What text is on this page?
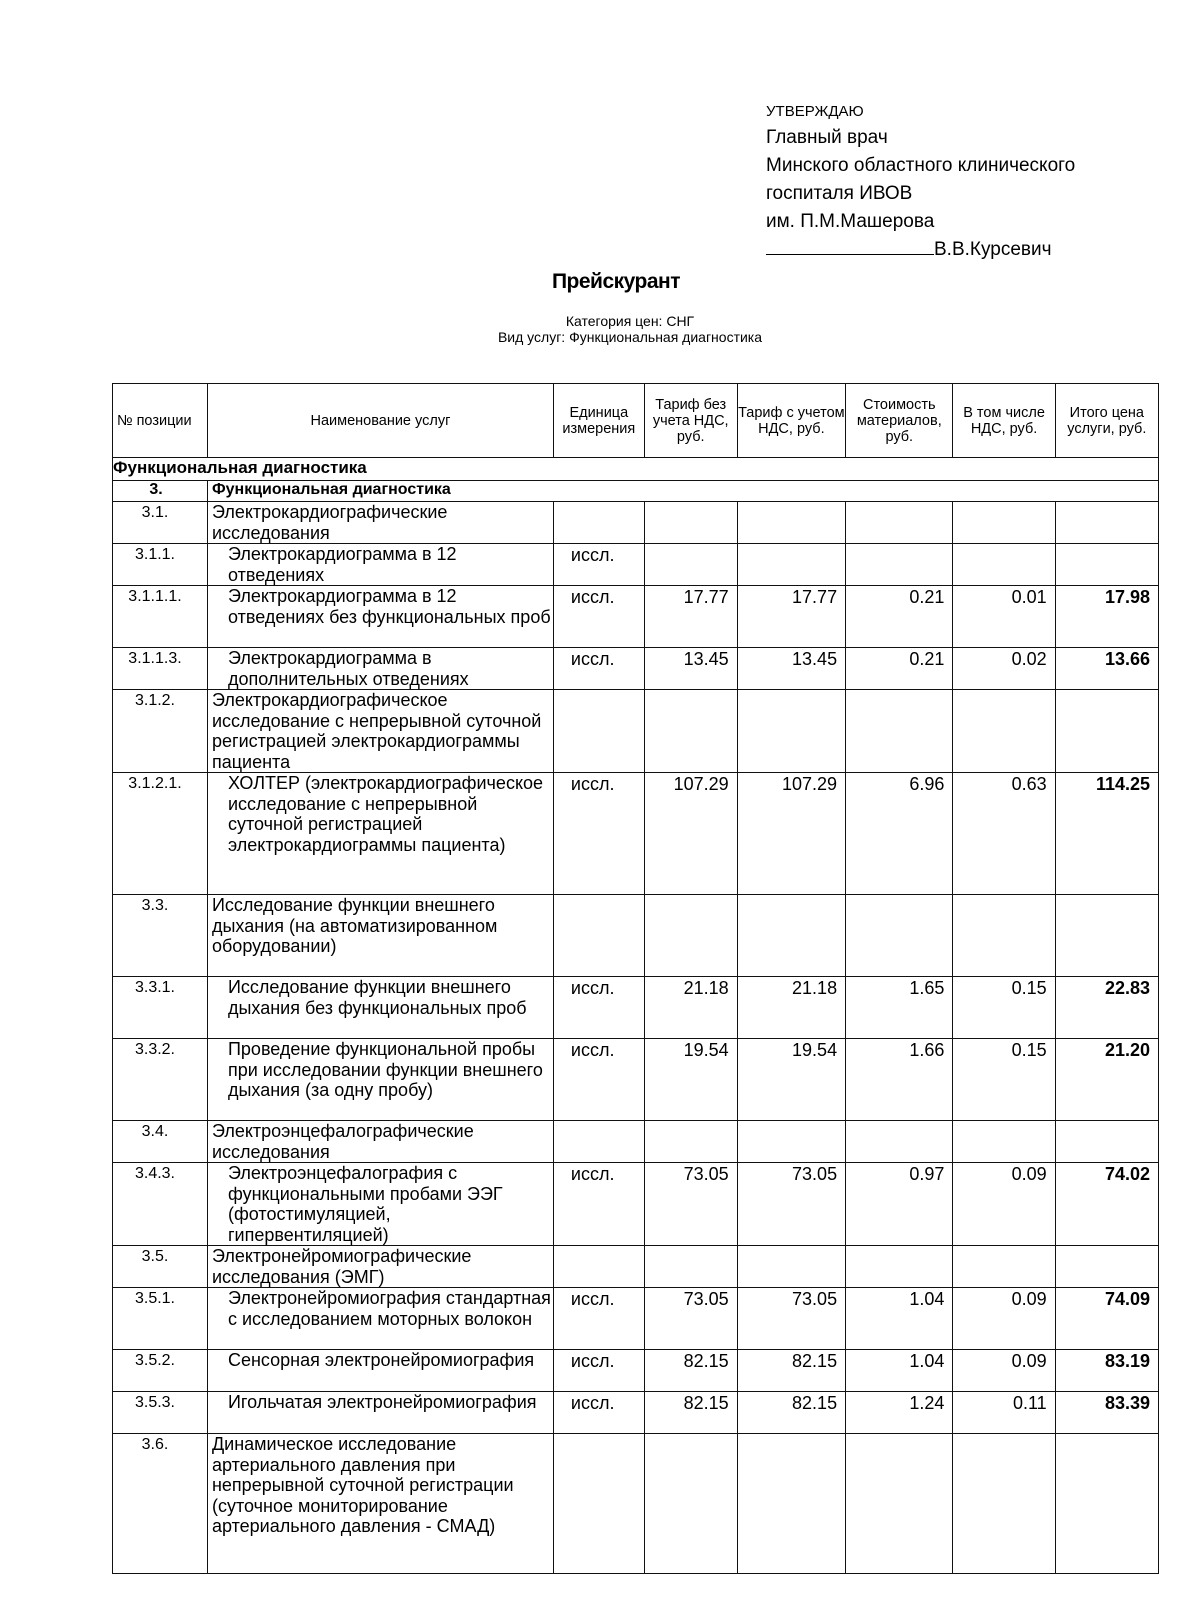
УТВЕРЖДАЮ
Главный врач
Минского областного клинического
госпиталя ИВОВ
им. П.М.Машерова
В.В.Курсевич
Прейскурант
Категория цен: СНГ
Вид услуг: Функциональная диагностика
№ позиции	Наименование услуг	Единица измерения	Тариф без учета НДС, руб.	Тариф с учетом НДС, руб.	Стоимость материалов, руб.	В том числе НДС, руб.	Итого цена услуги, руб.
Функциональная диагностика							
3.	Функциональная диагностика						
3.1.	Электрокардиографические исследования						
3.1.1.	Электрокардиограмма в 12 отведениях	иссл.					
3.1.1.1.	Электрокардиограмма в 12 отведениях без функциональных проб	иссл.	17.77	17.77	0.21	0.01	17.98
3.1.1.3.	Электрокардиограмма в дополнительных отведениях	иссл.	13.45	13.45	0.21	0.02	13.66
3.1.2.	Электрокардиографическое исследование с непрерывной суточной регистрацией электрокардиограммы пациента						
3.1.2.1.	ХОЛТЕР (электрокардиографическое исследование с непрерывной суточной регистрацией электрокардиограммы пациента)	иссл.	107.29	107.29	6.96	0.63	114.25
3.3.	Исследование функции внешнего дыхания (на автоматизированном оборудовании)						
3.3.1.	Исследование функции внешнего дыхания без функциональных проб	иссл.	21.18	21.18	1.65	0.15	22.83
3.3.2.	Проведение функциональной пробы при исследовании функции внешнего дыхания (за одну пробу)	иссл.	19.54	19.54	1.66	0.15	21.20
3.4.	Электроэнцефалографические исследования						
3.4.3.	Электроэнцефалография с функциональными пробами ЭЭГ (фотостимуляцией, гипервентиляцией)	иссл.	73.05	73.05	0.97	0.09	74.02
3.5.	Электронейромиографические исследования (ЭМГ)						
3.5.1.	Электронейромиография стандартная с исследованием моторных волокон	иссл.	73.05	73.05	1.04	0.09	74.09
3.5.2.	Сенсорная электронейромиография	иссл.	82.15	82.15	1.04	0.09	83.19
3.5.3.	Игольчатая электронейромиография	иссл.	82.15	82.15	1.24	0.11	83.39
3.6.	Динамическое исследование артериального давления при непрерывной суточной регистрации (суточное мониторирование артериального давления - СМАД)						
